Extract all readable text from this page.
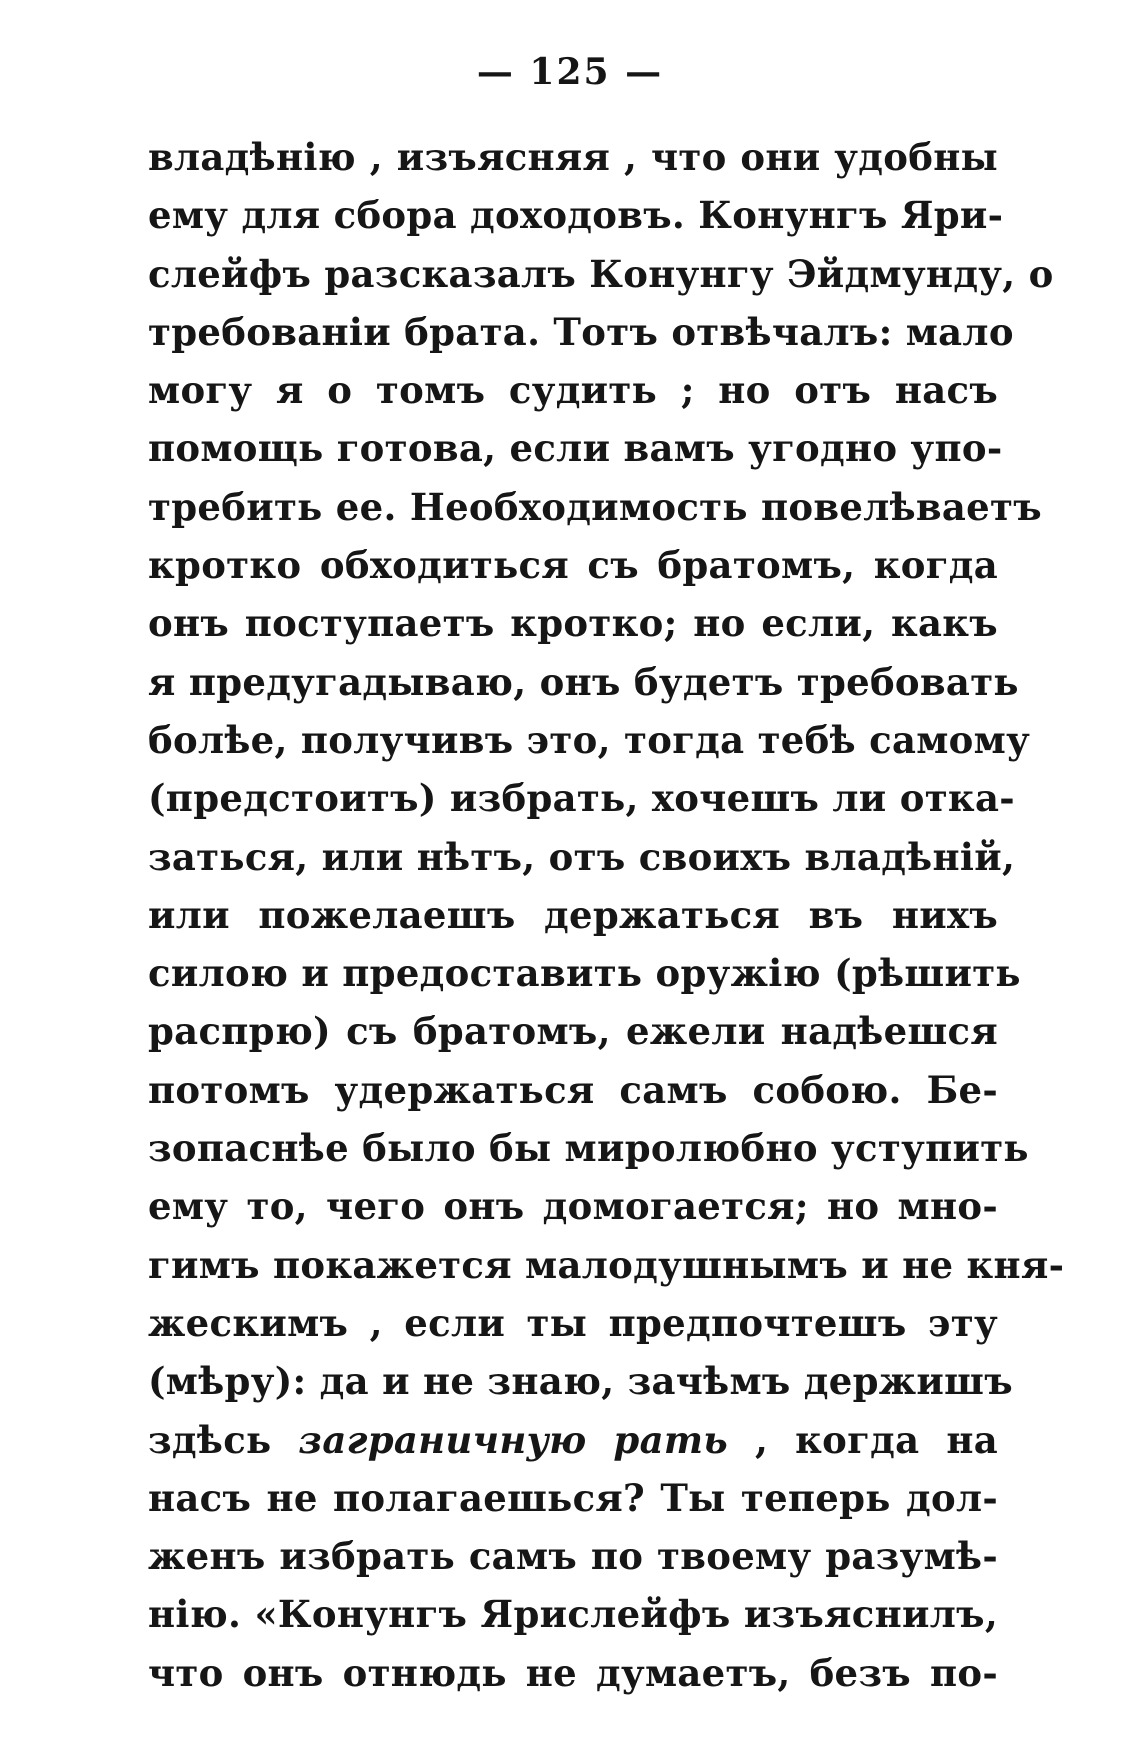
— 125 —
владѣнію , изъясняя , что они удобны
ему для сбора доходовъ. Конунгъ Яри-
слейфъ разсказалъ Конунгу Эйдмунду, о
требованіи брата. Тотъ отвѣчалъ: мало
могу я о томъ судить ; но отъ насъ
помощь готова, если вамъ угодно упо-
требить ее. Необходимость повелѣваетъ
кротко обходиться съ братомъ, когда
онъ поступаетъ кротко; но если, какъ
я предугадываю, онъ будетъ требовать
болѣе, получивъ это, тогда тебѣ самому
(предстоитъ) избрать, хочешъ ли отка-
заться, или нѣтъ, отъ своихъ владѣній,
или пожелаешъ держаться въ нихъ
силою и предоставить оружію (рѣшить
распрю) съ братомъ, ежели надѣешся
потомъ удержаться самъ собою. Бе-
зопаснѣе было бы миролюбно уступить
ему то, чего онъ домогается; но мно-
гимъ покажется малодушнымъ и не кня-
жескимъ , если ты предпочтешъ эту
(мѣру): да и не знаю, зачѣмъ держишъ
здѣсь заграничную рать , когда на
насъ не полагаешься? Ты теперь дол-
женъ избрать самъ по твоему разумѣ-
нію. «Конунгъ Ярислейфъ изъяснилъ,
что онъ отнюдь не думаетъ, безъ по-
